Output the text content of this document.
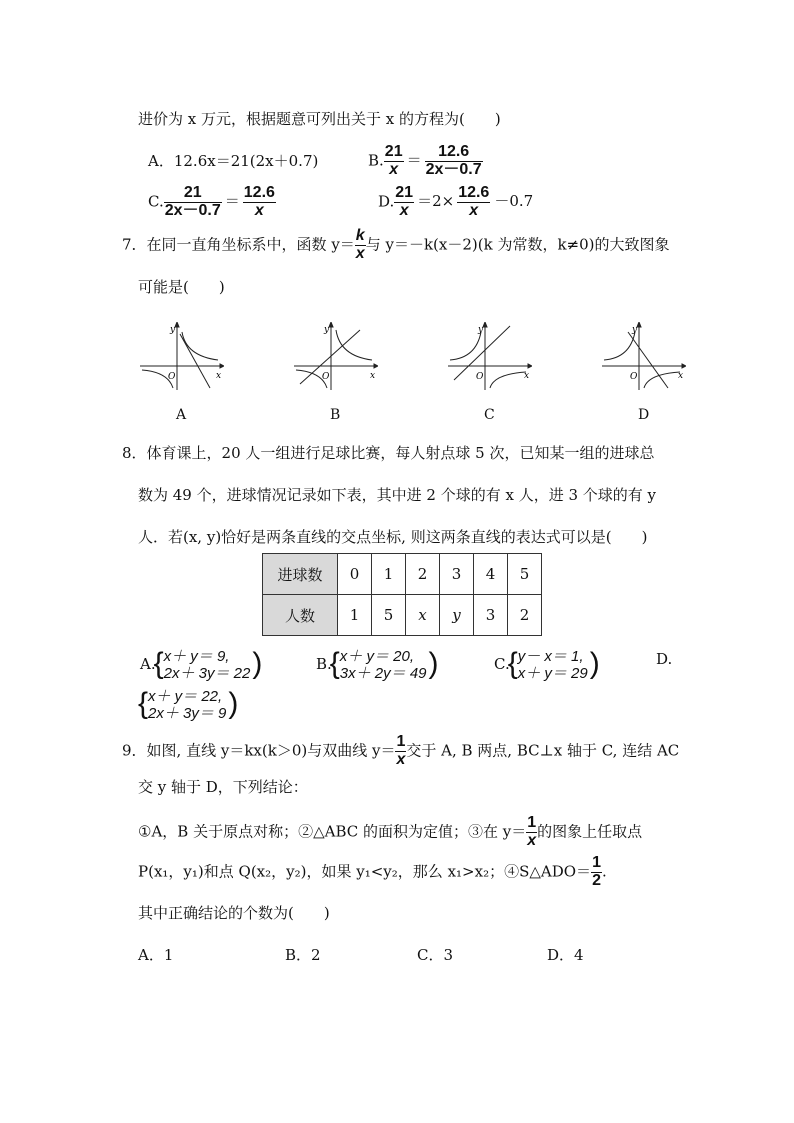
进价为 x 万元，根据题意可列出关于 x 的方程为(　　)
A．12.6x＝21(2x＋0.7)	B. $\frac{21}{x} = \frac{12.6}{2x-0.7}$
C. $\frac{21}{2x-0.7} = \frac{12.6}{x}$	D. $\frac{21}{x} =2\times \frac{12.6}{x} -0.7$
7．在同一直角坐标系中，函数 $y= \frac{k}{x}$ 与 y＝－k(x－2)(k 为常数，k≠0)的大致图象
可能是(　　)
y
x
O
A
y
x
O
B
y
x
O
C
y
x
O
D
8．体育课上，20 人一组进行足球比赛，每人射点球 5 次，已知某一组的进球总
数为 49 个，进球情况记录如下表，其中进 2 个球的有 x 人，进 3 个球的有 y
人．若(x, y)恰好是两条直线的交点坐标, 则这两条直线的表达式可以是(　　)
进球数	0	1	2	3	4	5
人数	1	5	x	y	3	2
A.
{ x＋ y＝ 9,
2x＋ 3y＝ 22 )	B.
{ x＋ y＝ 20,
3x＋ 2y＝ 49 )	C.
{ y－ x＝ 1,
x＋ y＝ 29 )	D.
{ x＋ y＝ 22,
2x＋ 3y＝ 9 )
9．如图, 直线 y＝kx(k＞0)与双曲线 $y= \frac{1}{x}$ 交于 A, B 两点, BC⊥x 轴于 C, 连结 AC
交 y 轴于 D，下列结论：
①A，B 关于原点对称；②△ABC 的面积为定值；③在 $y= \frac{1}{x}$ 的图象上任取点
P(x₁，y₁)和点 Q(x₂，y₂)，如果 y₁<y₂，那么 x₁>x₂；④S△ADO＝ $\frac{1}{2}$ .
其中正确结论的个数为(　　)
A．1	B．2	C．3	D．4
